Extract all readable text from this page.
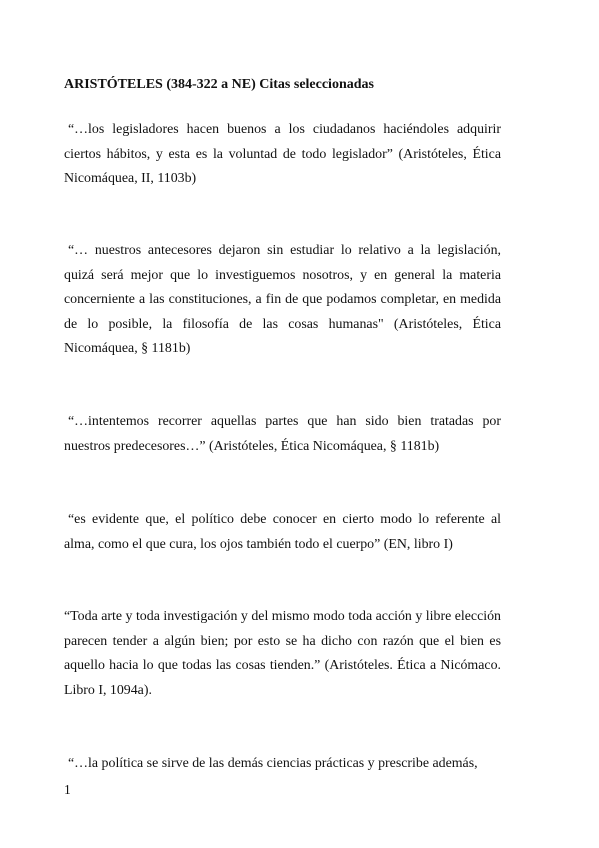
ARISTÓTELES (384-322 a NE) Citas seleccionadas

“…los legisladores hacen buenos a los ciudadanos haciéndoles adquirir ciertos hábitos, y esta es la voluntad de todo legislador” (Aristóteles, Ética Nicomáquea, II, 1103b)

“… nuestros antecesores dejaron sin estudiar lo relativo a la legislación, quizá será mejor que lo investiguemos nosotros, y en general la materia concerniente a las constituciones, a fin de que podamos completar, en medida de lo posible, la filosofía de las cosas humanas" (Aristóteles, Ética Nicomáquea, § 1181b)

“…intentemos recorrer aquellas partes que han sido bien tratadas por nuestros predecesores…” (Aristóteles, Ética Nicomáquea, § 1181b)

“es evidente que, el político debe conocer en cierto modo lo referente al alma, como el que cura, los ojos también todo el cuerpo” (EN, libro I)

“Toda arte y toda investigación y del mismo modo toda acción y libre elección parecen tender a algún bien; por esto se ha dicho con razón que el bien es aquello hacia lo que todas las cosas tienden.” (Aristóteles. Ética a Nicómaco. Libro I, 1094a).

“…la política se sirve de las demás ciencias prácticas y prescribe además,

1
